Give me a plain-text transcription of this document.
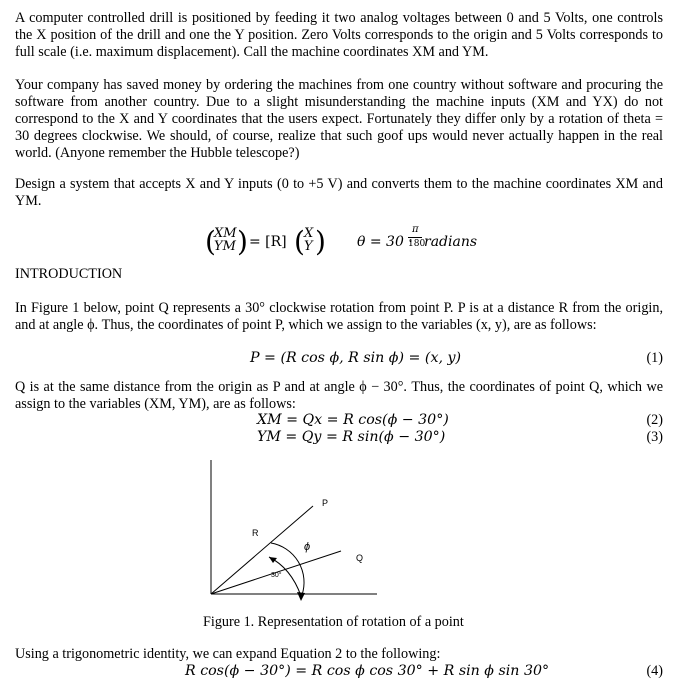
A computer controlled drill is positioned by feeding it two analog voltages between 0 and 5 Volts, one controls the X position of the drill and one the Y position. Zero Volts corresponds to the origin and 5 Volts corresponds to full scale (i.e. maximum displacement). Call the machine coordinates XM and YM.

Your company has saved money by ordering the machines from one country without software and procuring the software from another country. Due to a slight misunderstanding the machine inputs (XM and YX) do not correspond to the X and Y coordinates that the users expect. Fortunately they differ only by a rotation of theta = 30 degrees clockwise. We should, of course, realize that such goof ups would never actually happen in the real world. (Anyone remember the Hubble telescope?)

Design a system that accepts X and Y inputs (0 to +5 V) and converts them to the machine coordinates XM and YM.

(
XM
YM ) = [R] ( X
Y ) θ = 30 ·
π
180
radians
INTRODUCTION

In Figure 1 below, point Q represents a 30° clockwise rotation from point P. P is at a distance R from the origin, and at angle ϕ. Thus, the coordinates of point P, which we assign to the variables (x, y), are as follows:

P = (R cos ϕ, R sin ϕ) = (x, y)	(1)

Q is at the same distance from the origin as P and at angle ϕ − 30°. Thus, the coordinates of point Q, which we assign to the variables (XM, YM), are as follows:

XM = Qx = R cos(ϕ − 30°)	(2)
YM = Qy = R sin(ϕ − 30°)	(3)
P
R
ϕ
Q
30°
Figure 1. Representation of rotation of a point

Using a trigonometric identity, we can expand Equation 2 to the following:

R cos(ϕ − 30°) = R cos ϕ cos 30° + R sin ϕ sin 30°	(4)
